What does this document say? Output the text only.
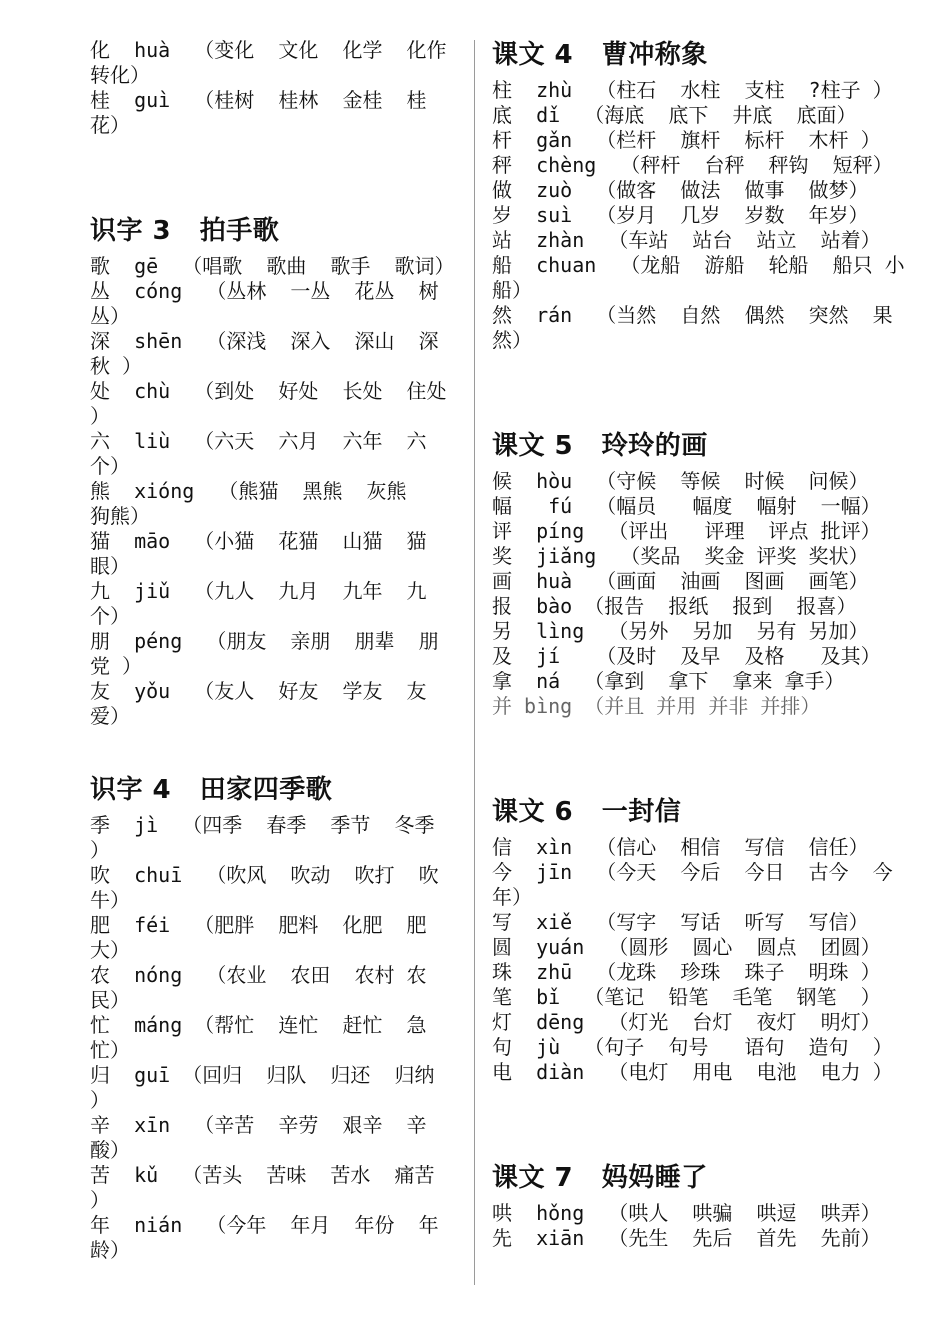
化  huà  （变化  文化  化学  化作  转化）
桂  guì  （桂树  桂林  金桂  桂花）
识字 3   拍手歌
歌  gē  （唱歌  歌曲  歌手  歌词）
丛  cóng  （丛林  一丛  花丛  树丛）
深  shēn  （深浅  深入  深山  深秋 ）
处  chù  （到处  好处  长处  住处 ）
六  liù  （六天  六月  六年  六个）
熊  xióng  （熊猫  黑熊  灰熊  狗熊）
猫  māo  （小猫  花猫  山猫  猫眼）
九  jiǔ  （九人  九月  九年  九个）
朋  péng  （朋友  亲朋  朋辈  朋党 ）
友  yǒu  （友人  好友  学友  友爱）
识字 4   田家四季歌
季  jì  （四季  春季  季节  冬季 ）
吹  chuī  （吹风  吹动  吹打  吹牛）
肥  féi  （肥胖  肥料  化肥  肥大）
农  nóng  （农业  农田  农村 农民）
忙  máng （帮忙  连忙  赶忙  急忙）
归  guī （回归  归队  归还  归纳 ）
辛  xīn  （辛苦  辛劳  艰辛  辛酸）
苦  kǔ  （苦头  苦味  苦水  痛苦 ）
年  nián  （今年  年月  年份  年龄）
课文 4   曹冲称象
柱  zhù  （柱石  水柱  支柱  ?柱子 ）
底  dǐ  （海底  底下  井底  底面）
杆  gǎn  （栏杆  旗杆  标杆  木杆 ）
秤  chèng  （秤杆  台秤  秤钩  短秤）
做  zuò  （做客  做法  做事  做梦）
岁  suì  （岁月  几岁  岁数  年岁）
站  zhàn  （车站  站台  站立  站着）
船  chuan  （龙船  游船  轮船  船只 小船）
然  rán  （当然  自然  偶然  突然  果然）
课文 5   玲玲的画
候  hòu  （守候  等候  时候  问候）
幅   fú  （幅员   幅度  幅射  一幅）
评  píng  （评出   评理  评点 批评）
奖  jiǎng  （奖品  奖金 评奖 奖状）
画  huà  （画面  油画  图画  画笔）
报  bào （报告  报纸  报到  报喜）
另  lìng  （另外  另加  另有 另加）
及  jí   （及时  及早  及格   及其）
拿  ná  （拿到  拿下  拿来 拿手）
并 bìng （并且 并用 并非 并排）
课文 6   一封信
信  xìn  （信心  相信  写信  信任）
今  jīn  （今天  今后  今日  古今  今年）
写  xiě  （写字  写话  听写  写信）
圆  yuán  （圆形  圆心  圆点  团圆）
珠  zhū  （龙珠  珍珠  珠子  明珠 ）
笔  bǐ  （笔记  铅笔  毛笔  钢笔  ）
灯  dēng  （灯光  台灯  夜灯  明灯）
句  jù  （句子  句号   语句  造句  ）
电  diàn  （电灯  用电  电池  电力 ）
课文 7   妈妈睡了
哄  hǒng  （哄人  哄骗  哄逗  哄弄）
先  xiān  （先生  先后  首先  先前）
